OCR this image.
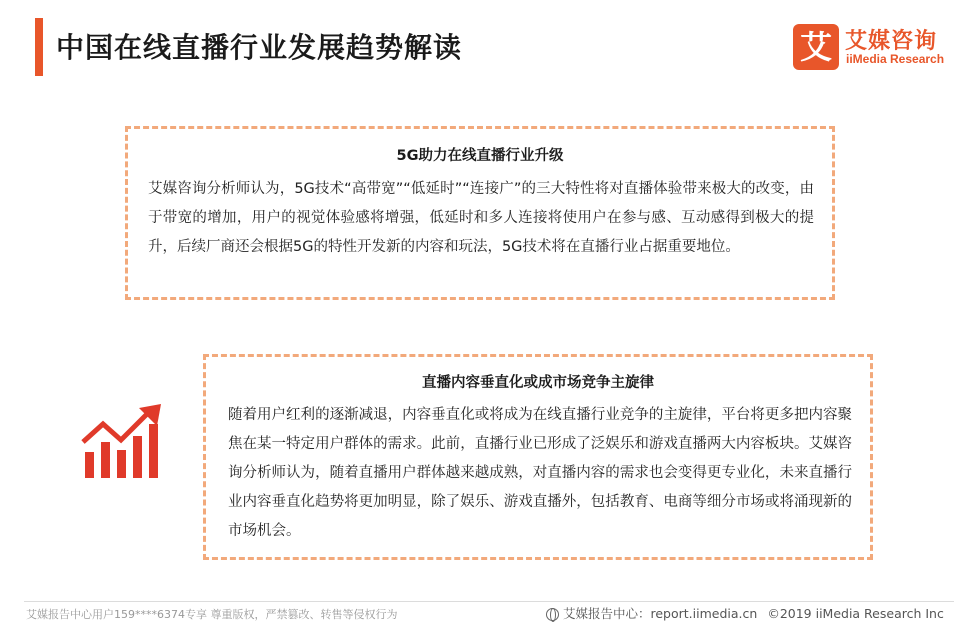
中国在线直播行业发展趋势解读	艾 艾媒咨询
iiMedia Research
5G助力在线直播行业升级
艾媒咨询分析师认为，5G技术“高带宽”“低延时”“连接广”的三大特性将对直播体验带来极大的改变，由于带宽的增加，用户的视觉体验感将增强，低延时和多人连接将使用户在参与感、互动感得到极大的提升，后续厂商还会根据5G的特性开发新的内容和玩法，5G技术将在直播行业占据重要地位。
直播内容垂直化或成市场竞争主旋律
随着用户红利的逐渐减退，内容垂直化或将成为在线直播行业竞争的主旋律，平台将更多把内容聚焦在某一特定用户群体的需求。此前，直播行业已形成了泛娱乐和游戏直播两大内容板块。艾媒咨询分析师认为，随着直播用户群体越来越成熟，对直播内容的需求也会变得更专业化，未来直播行业内容垂直化趋势将更加明显，除了娱乐、游戏直播外，包括教育、电商等细分市场或将涌现新的市场机会。
艾媒报告中心用户159****6374专享 尊重版权，严禁篡改、转售等侵权行为	艾媒报告中心：report.iimedia.cn ©2019 iiMedia Research Inc
